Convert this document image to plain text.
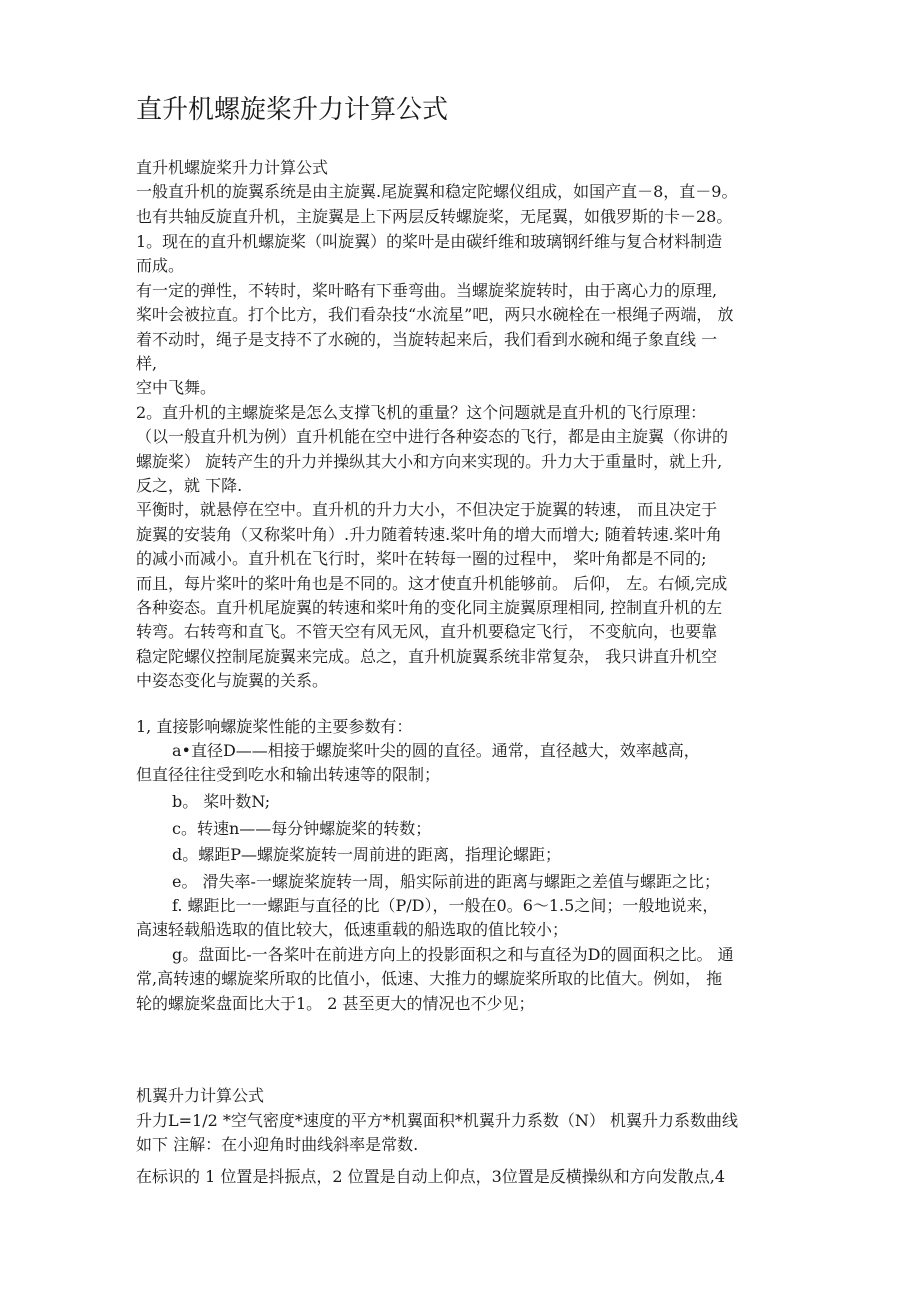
直升机螺旋桨升力计算公式
直升机螺旋桨升力计算公式
一般直升机的旋翼系统是由主旋翼.尾旋翼和稳定陀螺仪组成，如国产直－8，直－9。
也有共轴反旋直升机，主旋翼是上下两层反转螺旋桨，无尾翼，如俄罗斯的卡－28。
1。现在的直升机螺旋桨（叫旋翼）的桨叶是由碳纤维和玻璃钢纤维与复合材料制造
而成。
有一定的弹性，不转时，桨叶略有下垂弯曲。当螺旋桨旋转时，由于离心力的原理,
桨叶会被拉直。打个比方，我们看杂技“水流星”吧，两只水碗栓在一根绳子两端， 放
着不动时，绳子是支持不了水碗的，当旋转起来后，我们看到水碗和绳子象直线 一
样,
空中飞舞。
2。直升机的主螺旋桨是怎么支撑飞机的重量？这个问题就是直升机的飞行原理：
（以一般直升机为例）直升机能在空中进行各种姿态的飞行，都是由主旋翼（你讲的
螺旋桨） 旋转产生的升力并操纵其大小和方向来实现的。升力大于重量时，就上升,
反之，就 下降.
平衡时，就悬停在空中。直升机的升力大小，不但决定于旋翼的转速， 而且决定于
旋翼的安装角（又称桨叶角）.升力随着转速.桨叶角的增大而增大; 随着转速.桨叶角
的减小而减小。直升机在飞行时，桨叶在转每一圈的过程中， 桨叶角都是不同的;
而且，每片桨叶的桨叶角也是不同的。这才使直升机能够前。 后仰， 左。右倾,完成
各种姿态。直升机尾旋翼的转速和桨叶角的变化同主旋翼原理相同, 控制直升机的左
转弯。右转弯和直飞。不管天空有风无风，直升机要稳定飞行， 不变航向，也要靠
稳定陀螺仪控制尾旋翼来完成。总之，直升机旋翼系统非常复杂， 我只讲直升机空
中姿态变化与旋翼的关系。
1, 直接影响螺旋桨性能的主要参数有：
a•直径D——相接于螺旋桨叶尖的圆的直径。通常，直径越大，效率越高，
但直径往往受到吃水和输出转速等的限制；
b。 桨叶数N;
c。转速n——每分钟螺旋桨的转数；
d。螺距P—螺旋桨旋转一周前进的距离，指理论螺距；
e。 滑失率-一螺旋桨旋转一周，船实际前进的距离与螺距之差值与螺距之比；
f. 螺距比一一螺距与直径的比（P/D），一般在0。6〜1.5之间；一般地说来，
高速轻载船选取的值比较大，低速重载的船选取的值比较小；
g。盘面比-一各桨叶在前进方向上的投影面积之和与直径为D的圆面积之比。 通
常,高转速的螺旋桨所取的比值小，低速、大推力的螺旋桨所取的比值大。例如， 拖
轮的螺旋桨盘面比大于1。 2 甚至更大的情况也不少见；
机翼升力计算公式
升力L=1/2 *空气密度*速度的平方*机翼面积*机翼升力系数（N） 机翼升力系数曲线
如下 注解：在小迎角时曲线斜率是常数.
在标识的 1 位置是抖振点，2 位置是自动上仰点，3位置是反横操纵和方向发散点,4
